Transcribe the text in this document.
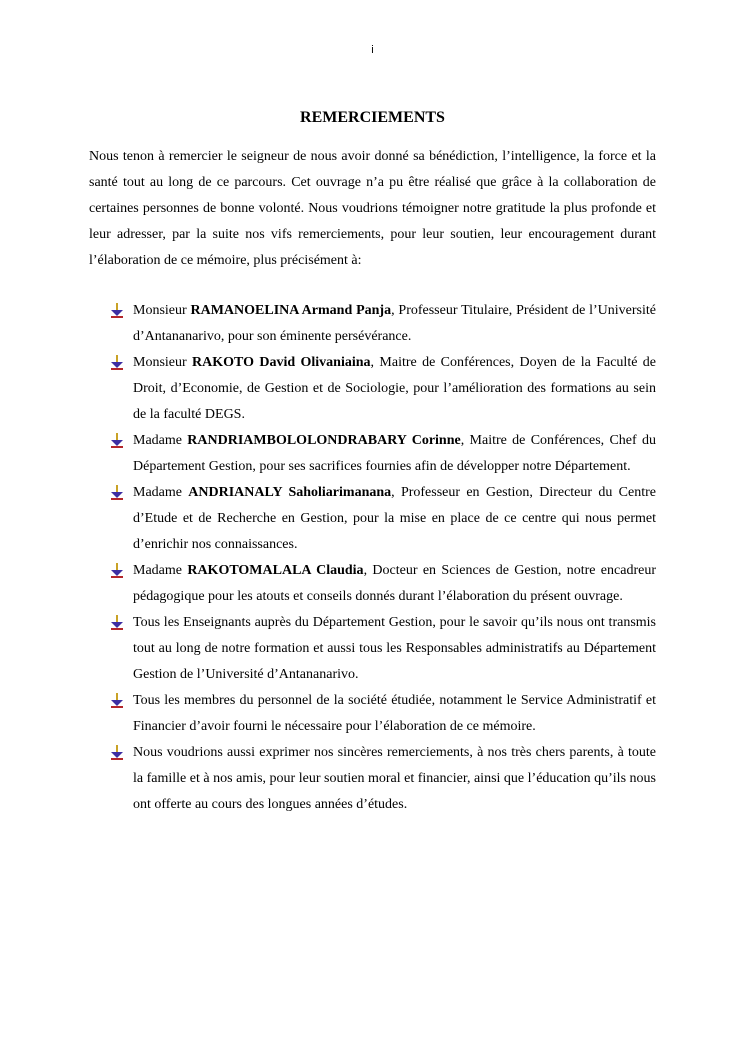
i
REMERCIEMENTS

Nous tenon à remercier le seigneur de nous avoir donné sa bénédiction, l’intelligence, la force et la santé tout au long de ce parcours. Cet ouvrage n’a pu être réalisé que grâce à la collaboration de certaines personnes de bonne volonté. Nous voudrions témoigner notre gratitude la plus profonde et leur adresser, par la suite nos vifs remerciements, pour leur soutien, leur encouragement durant l’élaboration de ce mémoire, plus précisément à:

Monsieur RAMANOELINA Armand Panja, Professeur Titulaire, Président de l’Université d’Antananarivo, pour son éminente persévérance.
Monsieur RAKOTO David Olivaniaina, Maitre de Conférences, Doyen de la Faculté de Droit, d’Economie, de Gestion et de Sociologie, pour l’amélioration des formations au sein de la faculté DEGS.
Madame RANDRIAMBOLOLONDRABARY Corinne, Maitre de Conférences, Chef du Département Gestion, pour ses sacrifices fournies afin de développer notre Département.
Madame ANDRIANALY Saholiarimanana, Professeur en Gestion, Directeur du Centre d’Etude et de Recherche en Gestion, pour la mise en place de ce centre qui nous permet d’enrichir nos connaissances.
Madame RAKOTOMALALA Claudia, Docteur en Sciences de Gestion, notre encadreur pédagogique pour les atouts et conseils donnés durant l’élaboration du présent ouvrage.
Tous les Enseignants auprès du Département Gestion, pour le savoir qu’ils nous ont transmis tout au long de notre formation et aussi tous les Responsables administratifs au Département Gestion de l’Université d’Antananarivo.
Tous les membres du personnel de la société étudiée, notamment le Service Administratif et Financier d’avoir fourni le nécessaire pour l’élaboration de ce mémoire.
Nous voudrions aussi exprimer nos sincères remerciements, à nos très chers parents, à toute la famille et à nos amis, pour leur soutien moral et financier, ainsi que l’éducation qu’ils nous ont offerte au cours des longues années d’études.
